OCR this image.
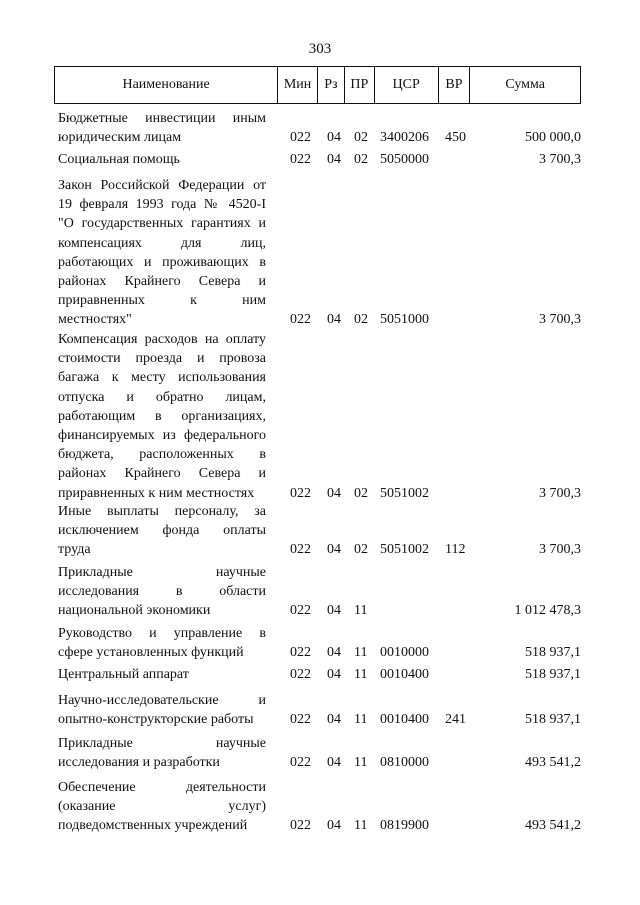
303
Наименование	Мин Рз ПР	ЦСР	ВР	Сумма
Бюджетные инвестиции иным
юридическим лицам	022 04 02 3400206 450	500 000,0
Социальная помощь	022 04 02 5050000	3 700,3
Закон Российской Федерации от
19 февраля 1993 года № 4520-I
"О государственных гарантиях и
компенсациях для лиц,
работающих и проживающих в
районах Крайнего Севера и
приравненных к ним
местностях"	022 04 02 5051000	3 700,3
Компенсация расходов на оплату
стоимости проезда и провоза
багажа к месту использования
отпуска и обратно лицам,
работающим в организациях,
финансируемых из федерального
бюджета, расположенных в
районах Крайнего Севера и
приравненных к ним местностях	022 04 02 5051002	3 700,3
Иные выплаты персоналу, за
исключением фонда оплаты
труда	022 04 02 5051002 112	3 700,3
Прикладные научные
исследования в области
национальной экономики	022 04 11	1 012 478,3
Руководство и управление в
сфере установленных функций	022 04 11 0010000	518 937,1
Центральный аппарат	022 04 11 0010400	518 937,1
Научно-исследовательские и
опытно-конструкторские работы	022 04 11 0010400 241	518 937,1
Прикладные научные
исследования и разработки	022 04 11 0810000	493 541,2
Обеспечение деятельности
(оказание услуг)
подведомственных учреждений	022 04 11 0819900	493 541,2
